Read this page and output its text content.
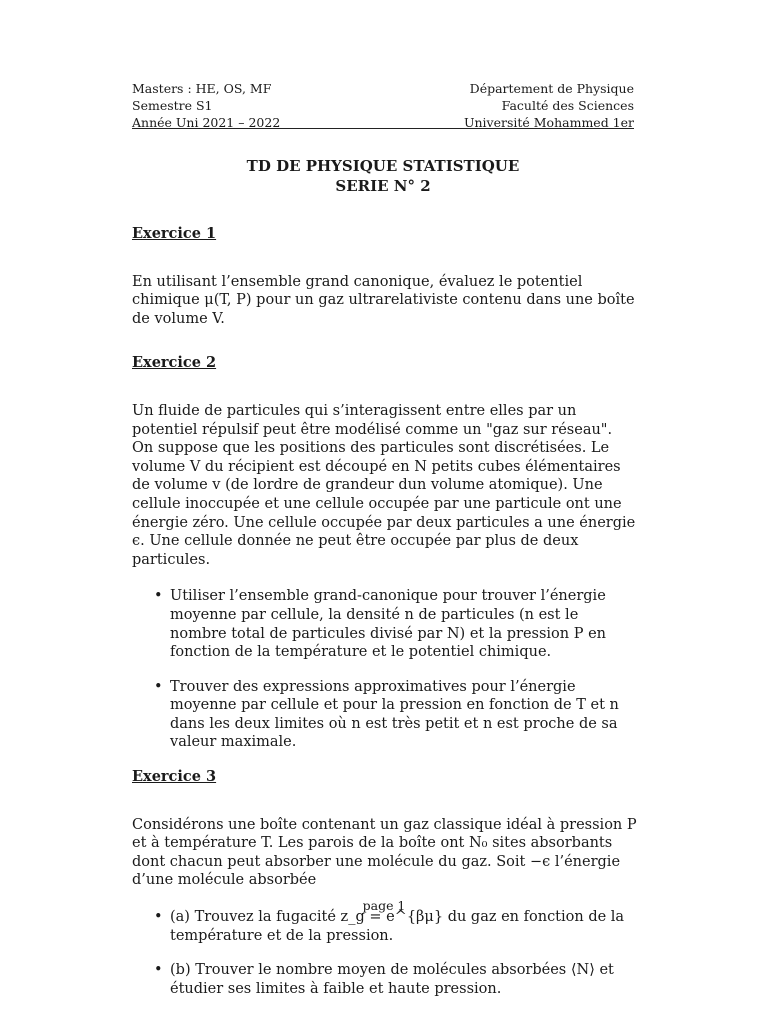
Masters : HE, OS, MF
Semestre S1
Année Uni 2021 – 2022
Département de Physique
Faculté des Sciences
Université Mohammed 1er
TD DE PHYSIQUE STATISTIQUE
SERIE N° 2
Exercice 1

En utilisant l’ensemble grand canonique, évaluez le potentiel chimique μ(T, P) pour un gaz ultrarelativiste contenu dans une boîte de volume V.

Exercice 2

Un fluide de particules qui s’interagissent entre elles par un potentiel répulsif peut être modélisé comme un "gaz sur réseau". On suppose que les positions des particules sont discrétisées. Le volume V du récipient est découpé en N petits cubes élémentaires de volume v (de lordre de grandeur dun volume atomique). Une cellule inoccupée et une cellule occupée par une particule ont une énergie zéro. Une cellule occupée par deux particules a une énergie ϵ. Une cellule donnée ne peut être occupée par plus de deux particules.

• Utiliser l’ensemble grand-canonique pour trouver l’énergie moyenne par cellule, la densité n de particules (n est le nombre total de particules divisé par N) et la pression P en fonction de la température et le potentiel chimique.
• Trouver des expressions approximatives pour l’énergie moyenne par cellule et pour la pression en fonction de T et n dans les deux limites où n est très petit et n est proche de sa valeur maximale.
Exercice 3

Considérons une boîte contenant un gaz classique idéal à pression P et à température T. Les parois de la boîte ont N₀ sites absorbants dont chacun peut absorber une molécule du gaz. Soit −ϵ l’énergie d’une molécule absorbée

• (a) Trouvez la fugacité z_g = e^{βμ} du gaz en fonction de la température et de la pression.
• (b) Trouver le nombre moyen de molécules absorbées ⟨N⟩ et étudier ses limites à faible et haute pression.
page 1
